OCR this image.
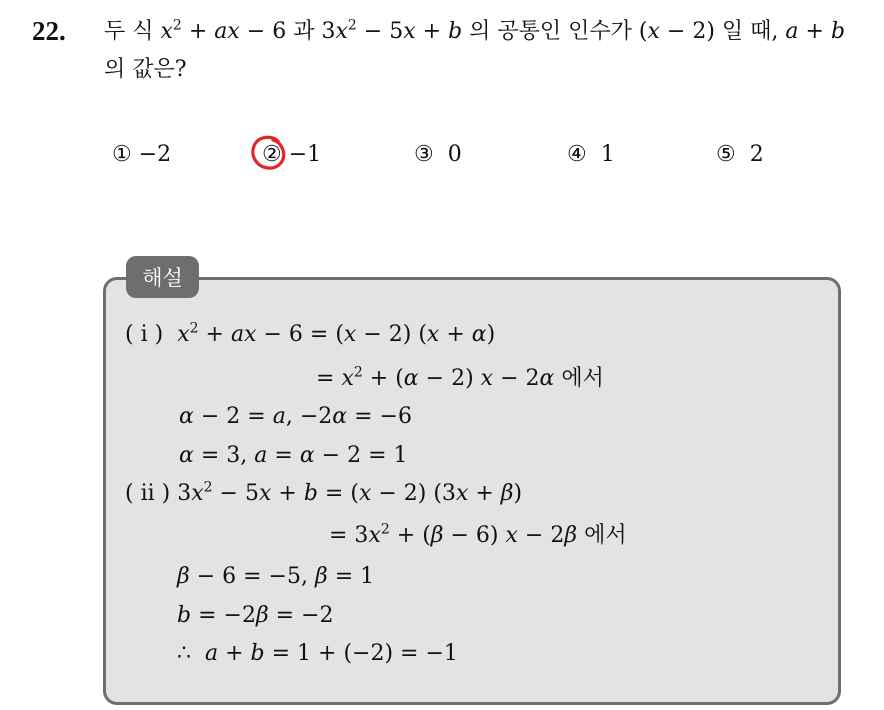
22. 두 식 $x^2$ + ax − 6 과 $3x^2 - 5x + b$ 의 공통인 인수가 (x − 2) 일 때, a + b
의 값은?
① −2	② −1	③ 0	④ 1	⑤ 2
해설
( i )  $x^2$ + ax − 6 = (x − 2) (x + α)
= $x^2 + (\alpha - 2) x - 2\alpha$ 에서
α − 2 = a, −2α = −6
α = 3, a = α − 2 = 1
( ii ) $3x^2 - 5x + b = (x - 2) (3x + \beta)$
= $3x^2 + (\beta - 6) x - 2\beta$ 에서
β − 6 = −5, β = 1
b = −2β = −2
∴  a + b = 1 + (−2) = −1
